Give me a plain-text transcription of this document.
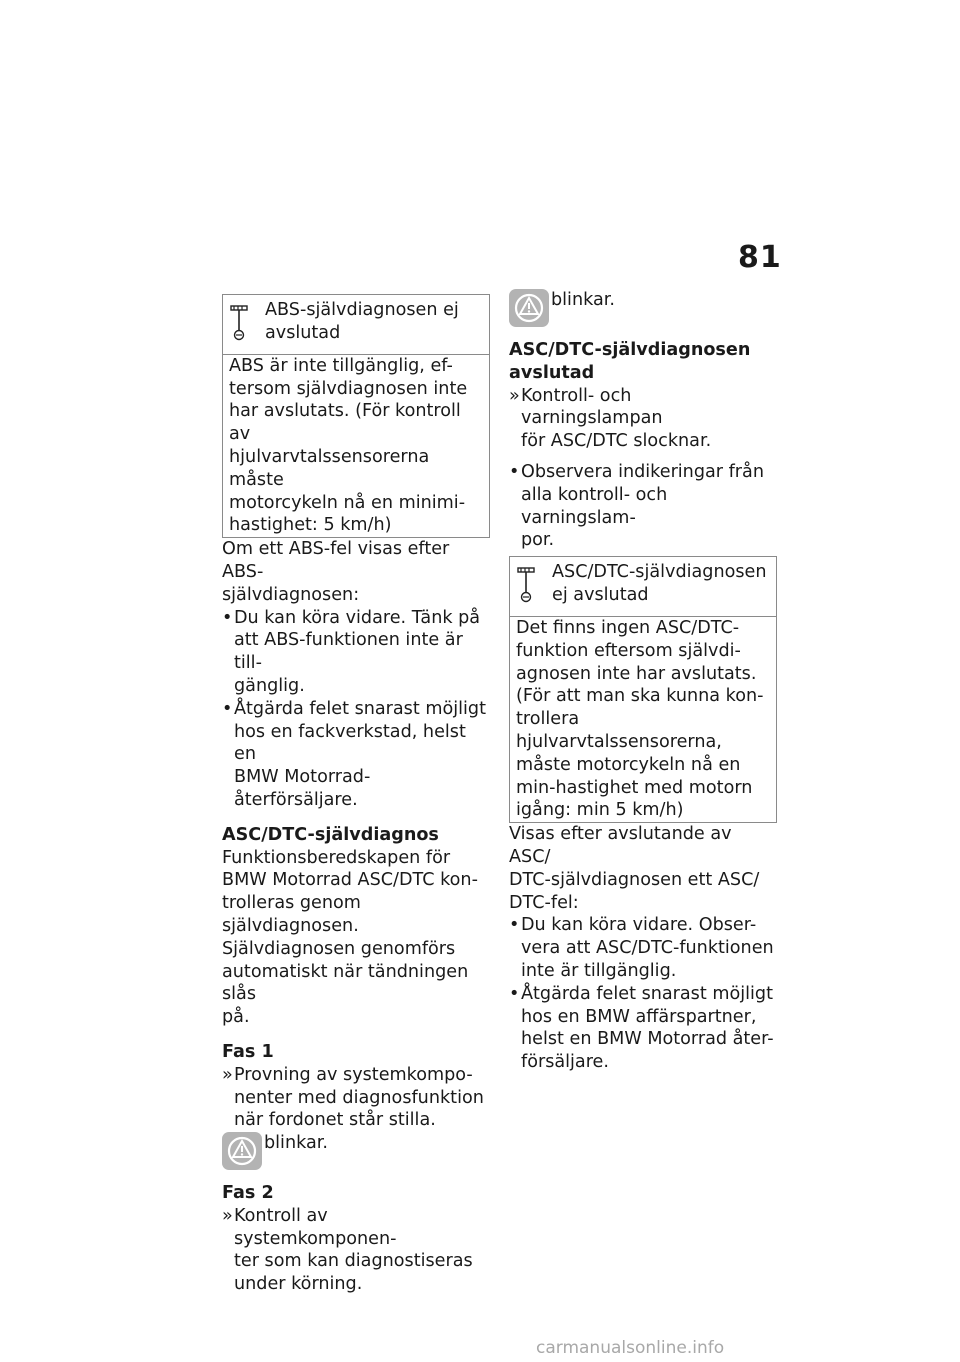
81

ABS-självdiagnosen ej

avslutad

ABS är inte tillgänglig, ef-

tersom självdiagnosen inte

har avslutats. (För kontroll av

hjulvarvtalssensorerna måste

motorcykeln nå en minimi-

hastighet: 5 km/h)

Om ett ABS-fel visas efter ABS-

självdiagnosen:

• Du kan köra vidare. Tänk på

att ABS-funktionen inte är till-

gänglig.

• Åtgärda felet snarast möjligt

hos en fackverkstad, helst en

BMW Motorrad-återförsäljare.

ASC/DTC-självdiagnos

Funktionsberedskapen för

BMW Motorrad ASC/DTC kon-

trolleras genom självdiagnosen.

Självdiagnosen genomförs

automatiskt när tändningen slås

på.

Fas 1

» Provning av systemkompo-

nenter med diagnosfunktion

när fordonet står stilla.

blinkar.

Fas 2

» Kontroll av systemkomponen-

ter som kan diagnostiseras

under körning.

blinkar.

ASC/DTC-självdiagnosen

avslutad

» Kontroll- och varningslampan

för ASC/DTC slocknar.

• Observera indikeringar från

alla kontroll- och varningslam-

por.

ASC/DTC-självdiagnosen

ej avslutad

Det finns ingen ASC/DTC-

funktion eftersom självdi-

agnosen inte har avslutats.

(För att man ska kunna kon-

trollera hjulvarvtalssensorerna,

måste motorcykeln nå en

min-hastighet med motorn

igång: min 5 km/h)

Visas efter avslutande av ASC/

DTC-självdiagnosen ett ASC/

DTC-fel:

• Du kan köra vidare. Obser-

vera att ASC/DTC-funktionen

inte är tillgänglig.

• Åtgärda felet snarast möjligt

hos en BMW affärspartner,

helst en BMW Motorrad åter-

försäljare.

carmanualsonline.info
